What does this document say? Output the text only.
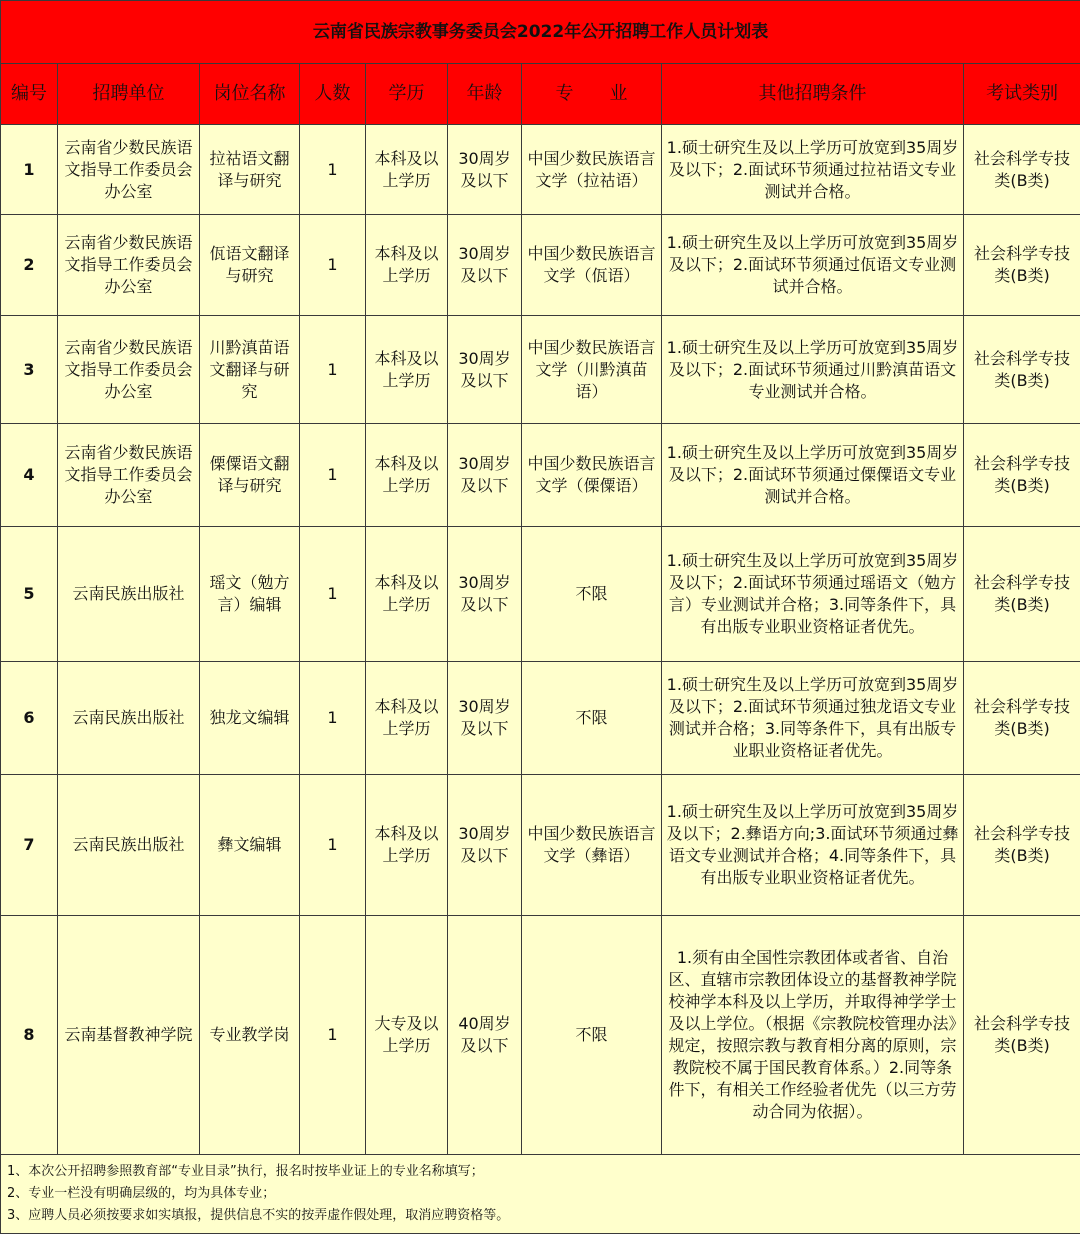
云南省民族宗教事务委员会2022年公开招聘工作人员计划表								
编号	招聘单位	岗位名称	人数	学历	年龄	专　　业	其他招聘条件	考试类别
1	云南省少数民族语文指导工作委员会办公室	拉祜语文翻译与研究	1	本科及以上学历	30周岁及以下	中国少数民族语言文学（拉祜语）	1.硕士研究生及以上学历可放宽到35周岁及以下；2.面试环节须通过拉祜语文专业测试并合格。	社会科学专技类(B类)
2	云南省少数民族语文指导工作委员会办公室	佤语文翻译与研究	1	本科及以上学历	30周岁及以下	中国少数民族语言文学（佤语）	1.硕士研究生及以上学历可放宽到35周岁及以下；2.面试环节须通过佤语文专业测试并合格。	社会科学专技类(B类)
3	云南省少数民族语文指导工作委员会办公室	川黔滇苗语文翻译与研究	1	本科及以上学历	30周岁及以下	中国少数民族语言文学（川黔滇苗语）	1.硕士研究生及以上学历可放宽到35周岁及以下；2.面试环节须通过川黔滇苗语文专业测试并合格。	社会科学专技类(B类)
4	云南省少数民族语文指导工作委员会办公室	傈僳语文翻译与研究	1	本科及以上学历	30周岁及以下	中国少数民族语言文学（傈僳语）	1.硕士研究生及以上学历可放宽到35周岁及以下；2.面试环节须通过傈僳语文专业测试并合格。	社会科学专技类(B类)
5	云南民族出版社	瑶文（勉方言）编辑	1	本科及以上学历	30周岁及以下	不限	1.硕士研究生及以上学历可放宽到35周岁及以下；2.面试环节须通过瑶语文（勉方言）专业测试并合格；3.同等条件下，具有出版专业职业资格证者优先。	社会科学专技类(B类)
6	云南民族出版社	独龙文编辑	1	本科及以上学历	30周岁及以下	不限	1.硕士研究生及以上学历可放宽到35周岁及以下；2.面试环节须通过独龙语文专业测试并合格；3.同等条件下，具有出版专业职业资格证者优先。	社会科学专技类(B类)
7	云南民族出版社	彝文编辑	1	本科及以上学历	30周岁及以下	中国少数民族语言文学（彝语）	1.硕士研究生及以上学历可放宽到35周岁及以下；2.彝语方向;3.面试环节须通过彝语文专业测试并合格；4.同等条件下，具有出版专业职业资格证者优先。	社会科学专技类(B类)
8	云南基督教神学院	专业教学岗	1	大专及以上学历	40周岁及以下	不限	1.须有由全国性宗教团体或者省、自治区、直辖市宗教团体设立的基督教神学院校神学本科及以上学历，并取得神学学士及以上学位。（根据《宗教院校管理办法》规定，按照宗教与教育相分离的原则，宗教院校不属于国民教育体系。）2.同等条件下，有相关工作经验者优先（以三方劳动合同为依据）。	社会科学专技类(B类)

1、本次公开招聘参照教育部“专业目录”执行，报名时按毕业证上的专业名称填写；
2、专业一栏没有明确层级的，均为具体专业；
3、应聘人员必须按要求如实填报，提供信息不实的按弄虚作假处理，取消应聘资格等。								
